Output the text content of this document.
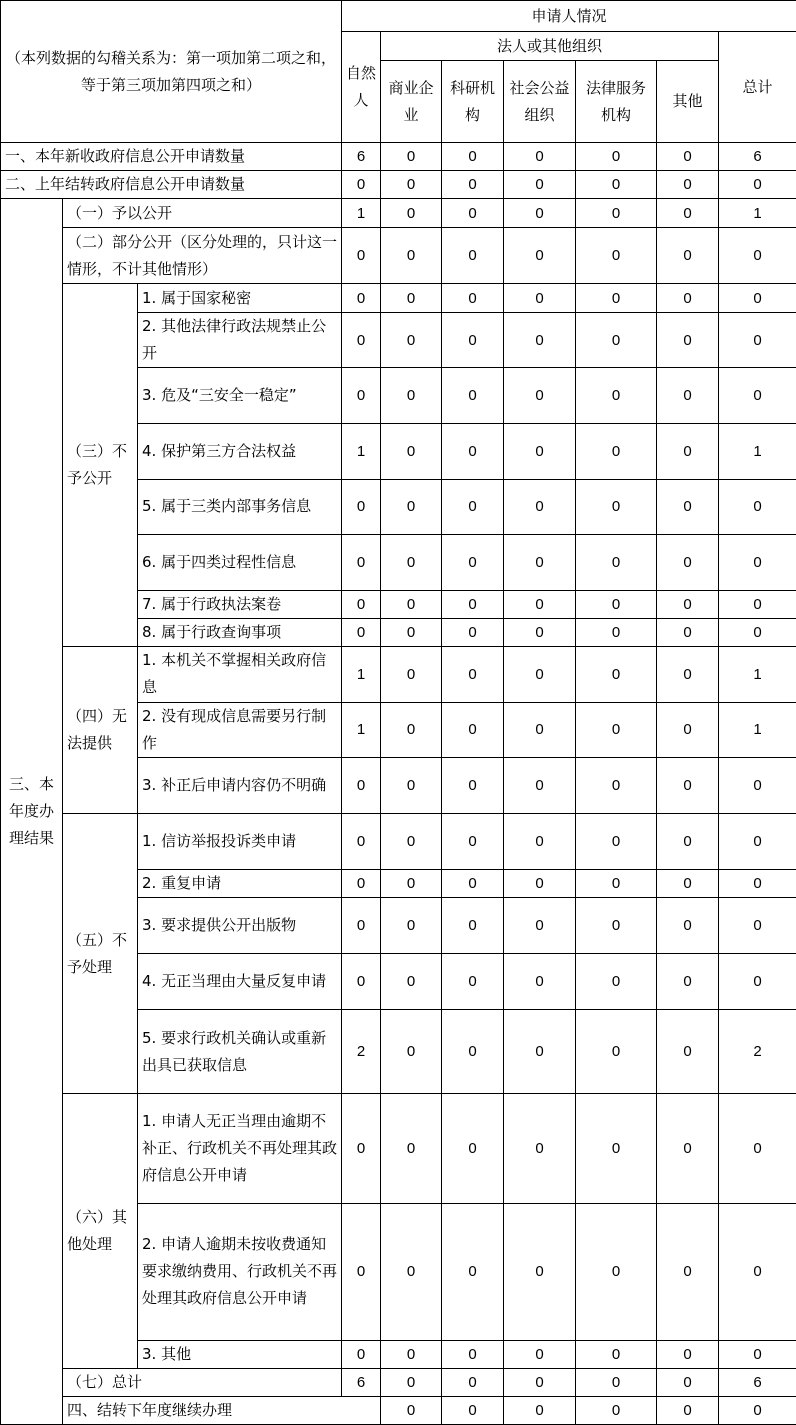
（本列数据的勾稽关系为：第一项加第二项之和，等于第三项加第四项之和）			申请人情况							
			自然人	法人或其他组织					总计	
				商业企业	科研机构	社会公益组织	法律服务机构	其他		
一、本年新收政府信息公开申请数量			6	0	0	0	0	0	6	
二、上年结转政府信息公开申请数量			0	0	0	0	0	0	0	
三、本年度办理结果	（一）予以公开		1	0	0	0	0	0	1	
	（二）部分公开（区分处理的，只计这一情形，不计其他情形）		0	0	0	0	0	0	0	
	（三）不予公开	1. 属于国家秘密	0	0	0	0	0	0	0	
		2. 其他法律行政法规禁止公开	0	0	0	0	0	0	0	
		3. 危及“三安全一稳定”	0	0	0	0	0	0	0	
		4. 保护第三方合法权益	1	0	0	0	0	0	1	
		5. 属于三类内部事务信息	0	0	0	0	0	0	0	
		6. 属于四类过程性信息	0	0	0	0	0	0	0	
		7. 属于行政执法案卷	0	0	0	0	0	0	0	
		8. 属于行政查询事项	0	0	0	0	0	0	0	
	（四）无法提供	1. 本机关不掌握相关政府信息	1	0	0	0	0	0	1	
		2. 没有现成信息需要另行制作	1	0	0	0	0	0	1	
		3. 补正后申请内容仍不明确	0	0	0	0	0	0	0	
	（五）不予处理	1. 信访举报投诉类申请	0	0	0	0	0	0	0	
		2. 重复申请	0	0	0	0	0	0	0	
		3. 要求提供公开出版物	0	0	0	0	0	0	0	
		4. 无正当理由大量反复申请	0	0	0	0	0	0	0	
		5. 要求行政机关确认或重新出具已获取信息	2	0	0	0	0	0	2	
	（六）其他处理	1. 申请人无正当理由逾期不补正、行政机关不再处理其政府信息公开申请	0	0	0	0	0	0	0	
		2. 申请人逾期未按收费通知要求缴纳费用、行政机关不再处理其政府信息公开申请	0	0	0	0	0	0	0	
		3. 其他	0	0	0	0	0	0	0	
	（七）总计		6	0	0	0	0	0	6	
	四、结转下年度继续办理			0	0	0	0	0	0	
